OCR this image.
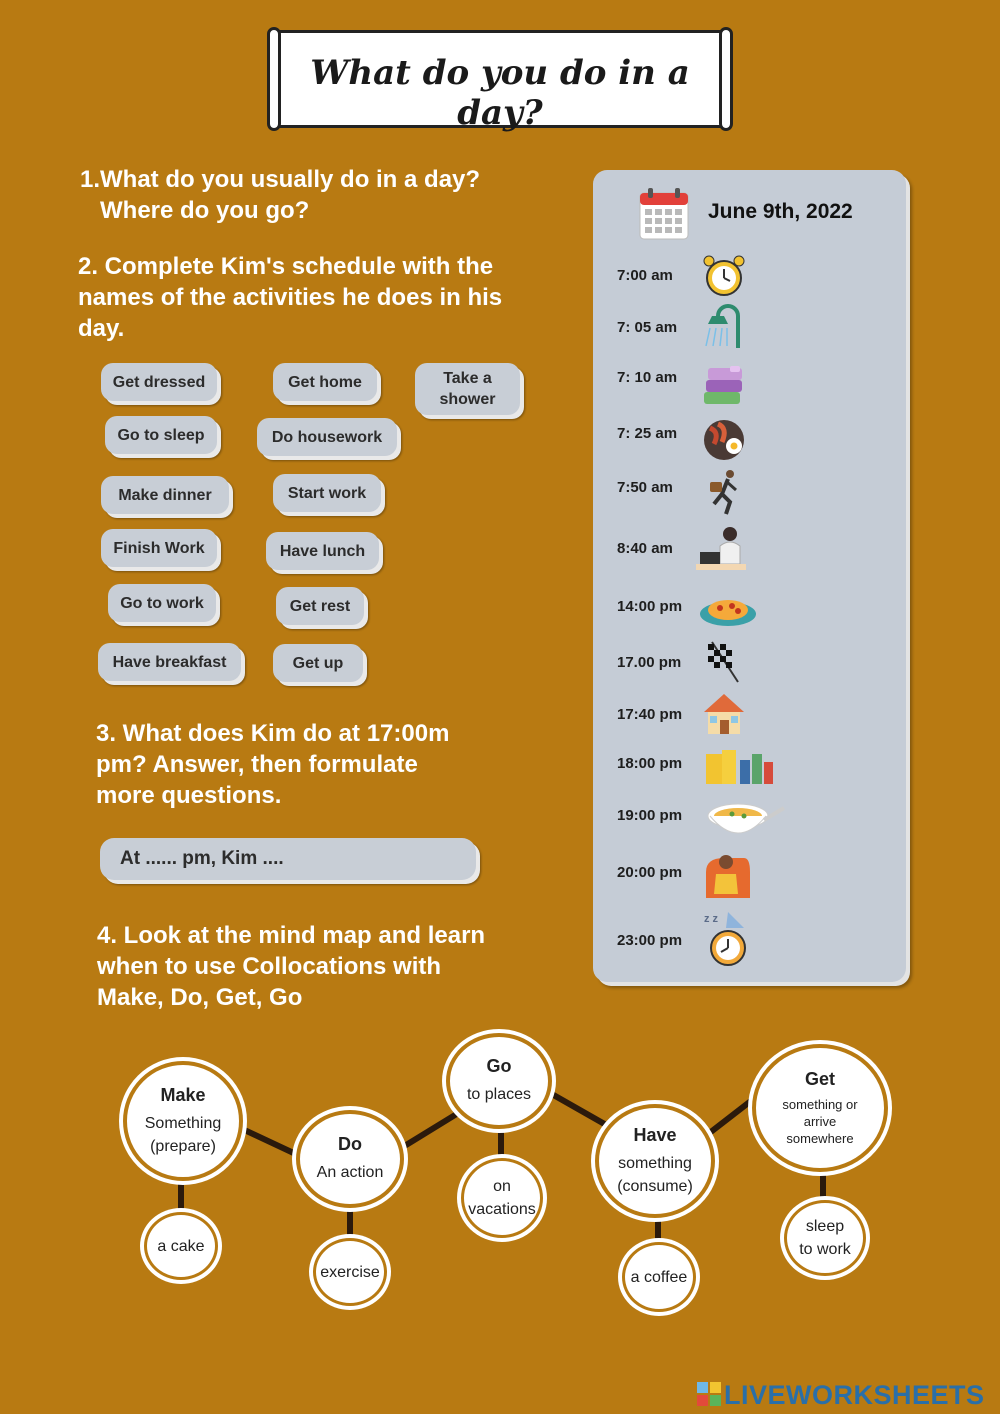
What do you do in a day?
1.What do you usually do in a day?
Where do you go?
2. Complete Kim's schedule with the
names of the activities he does in his
day.
Get dressed	Get home	Take a
shower
Go to sleep	Do housework
Make dinner	Start work
Finish Work	Have lunch
Go to work	Get rest
Have breakfast	Get up
3. What does Kim do at 17:00m
pm? Answer, then formulate
more questions.
At ...... pm, Kim ....
4. Look at the mind map and learn
when to use Collocations with
Make, Do, Get, Go
June 9th, 2022
7:00 am
7: 05 am
7: 10 am
7: 25 am
7:50 am
8:40 am
14:00 pm
17.00 pm
17:40 pm
18:00 pm
19:00 pm
20:00 pm
23:00 pm
z z
Make
Something
(prepare)
a cake
Do
An action
exercise
Go
to places
on
vacations
Have
something
(consume)
a coffee
Get
something or
arrive
somewhere
sleep
to work
LIVEWORKSHEETS
